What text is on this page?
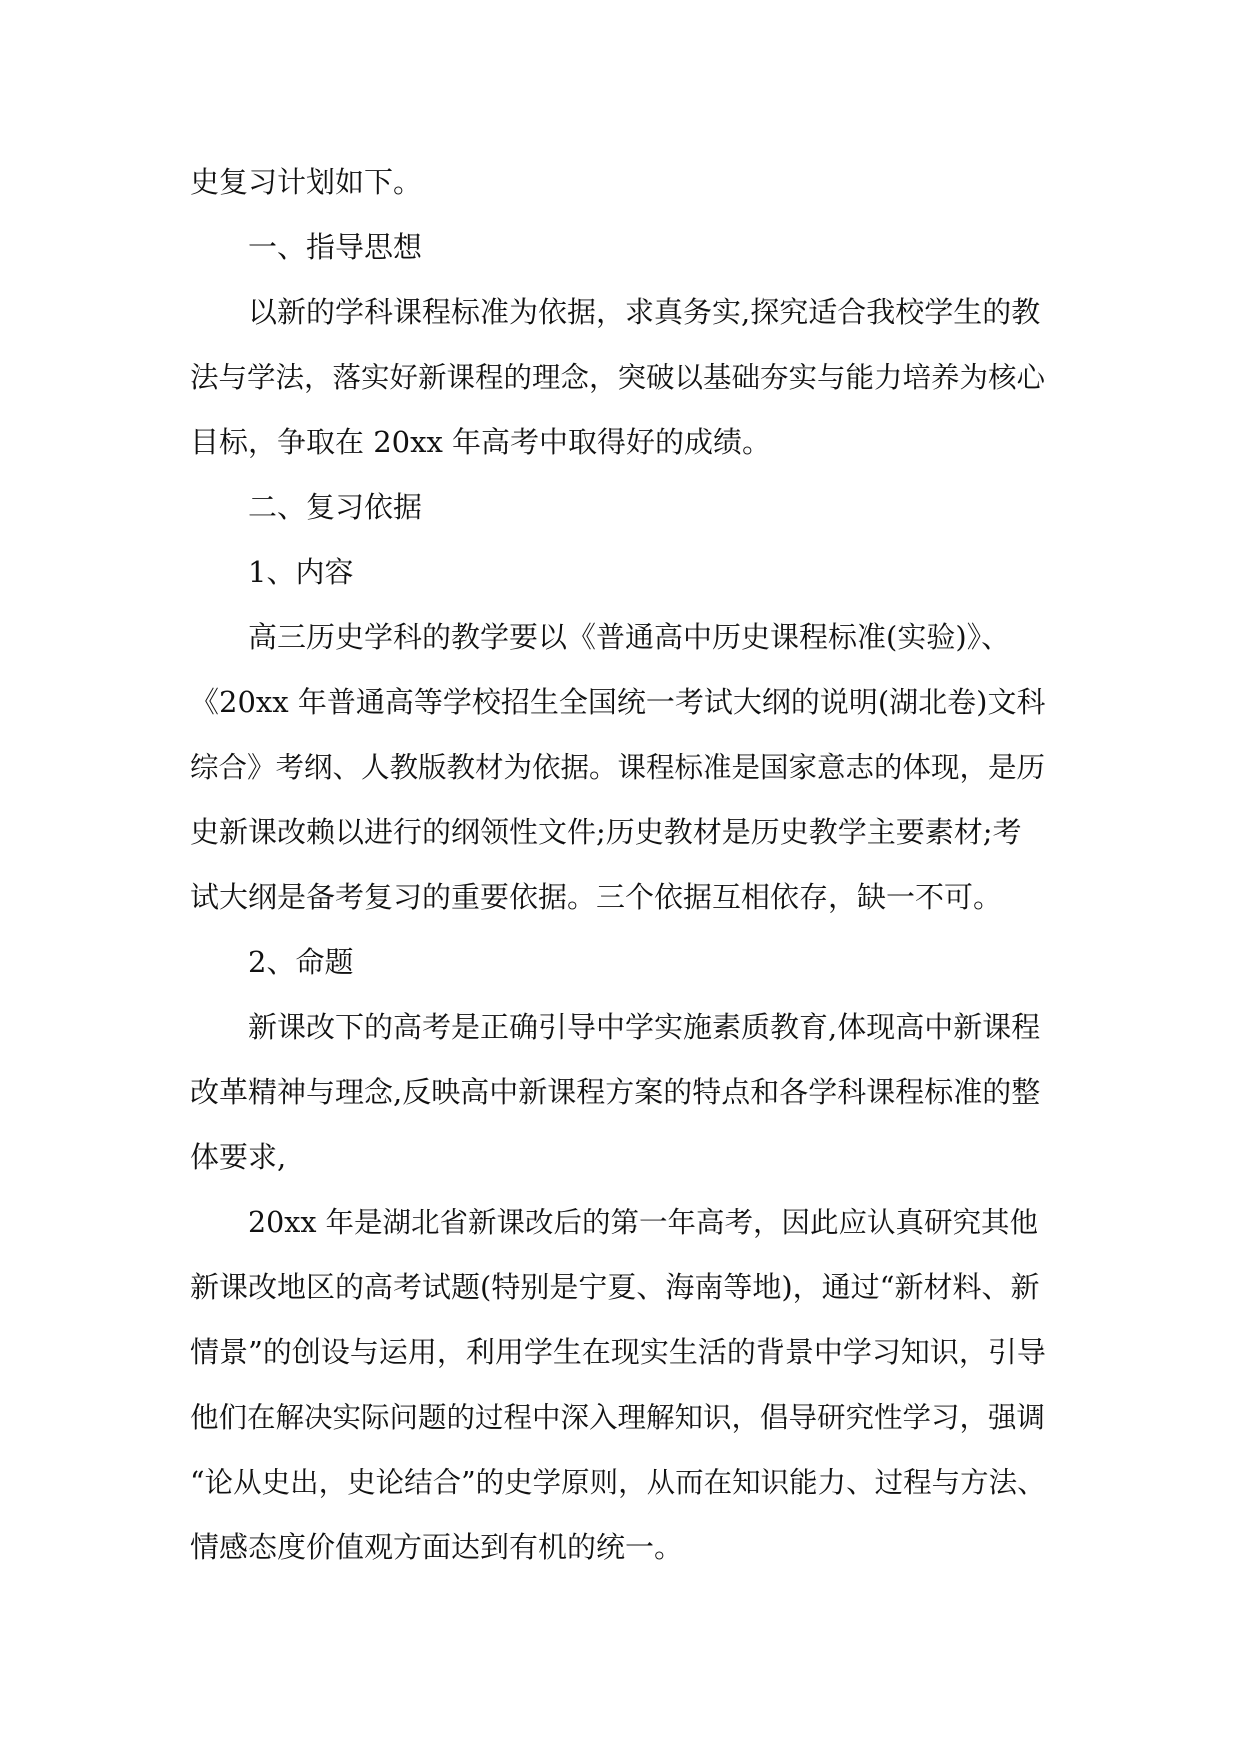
史复习计划如下。
一、指导思想
以新的学科课程标准为依据，求真务实,探究适合我校学生的教
法与学法，落实好新课程的理念，突破以基础夯实与能力培养为核心
目标，争取在 20xx 年高考中取得好的成绩。
二、复习依据
1、内容
高三历史学科的教学要以《普通高中历史课程标准(实验)》、
《20xx 年普通高等学校招生全国统一考试大纲的说明(湖北卷)文科
综合》考纲、人教版教材为依据。课程标准是国家意志的体现，是历
史新课改赖以进行的纲领性文件;历史教材是历史教学主要素材;考
试大纲是备考复习的重要依据。三个依据互相依存，缺一不可。
2、命题
新课改下的高考是正确引导中学实施素质教育,体现高中新课程
改革精神与理念,反映高中新课程方案的特点和各学科课程标准的整
体要求,
20xx 年是湖北省新课改后的第一年高考，因此应认真研究其他
新课改地区的高考试题(特别是宁夏、海南等地)，通过“新材料、新
情景”的创设与运用，利用学生在现实生活的背景中学习知识，引导
他们在解决实际问题的过程中深入理解知识，倡导研究性学习，强调
“论从史出，史论结合”的史学原则，从而在知识能力、过程与方法、
情感态度价值观方面达到有机的统一。
